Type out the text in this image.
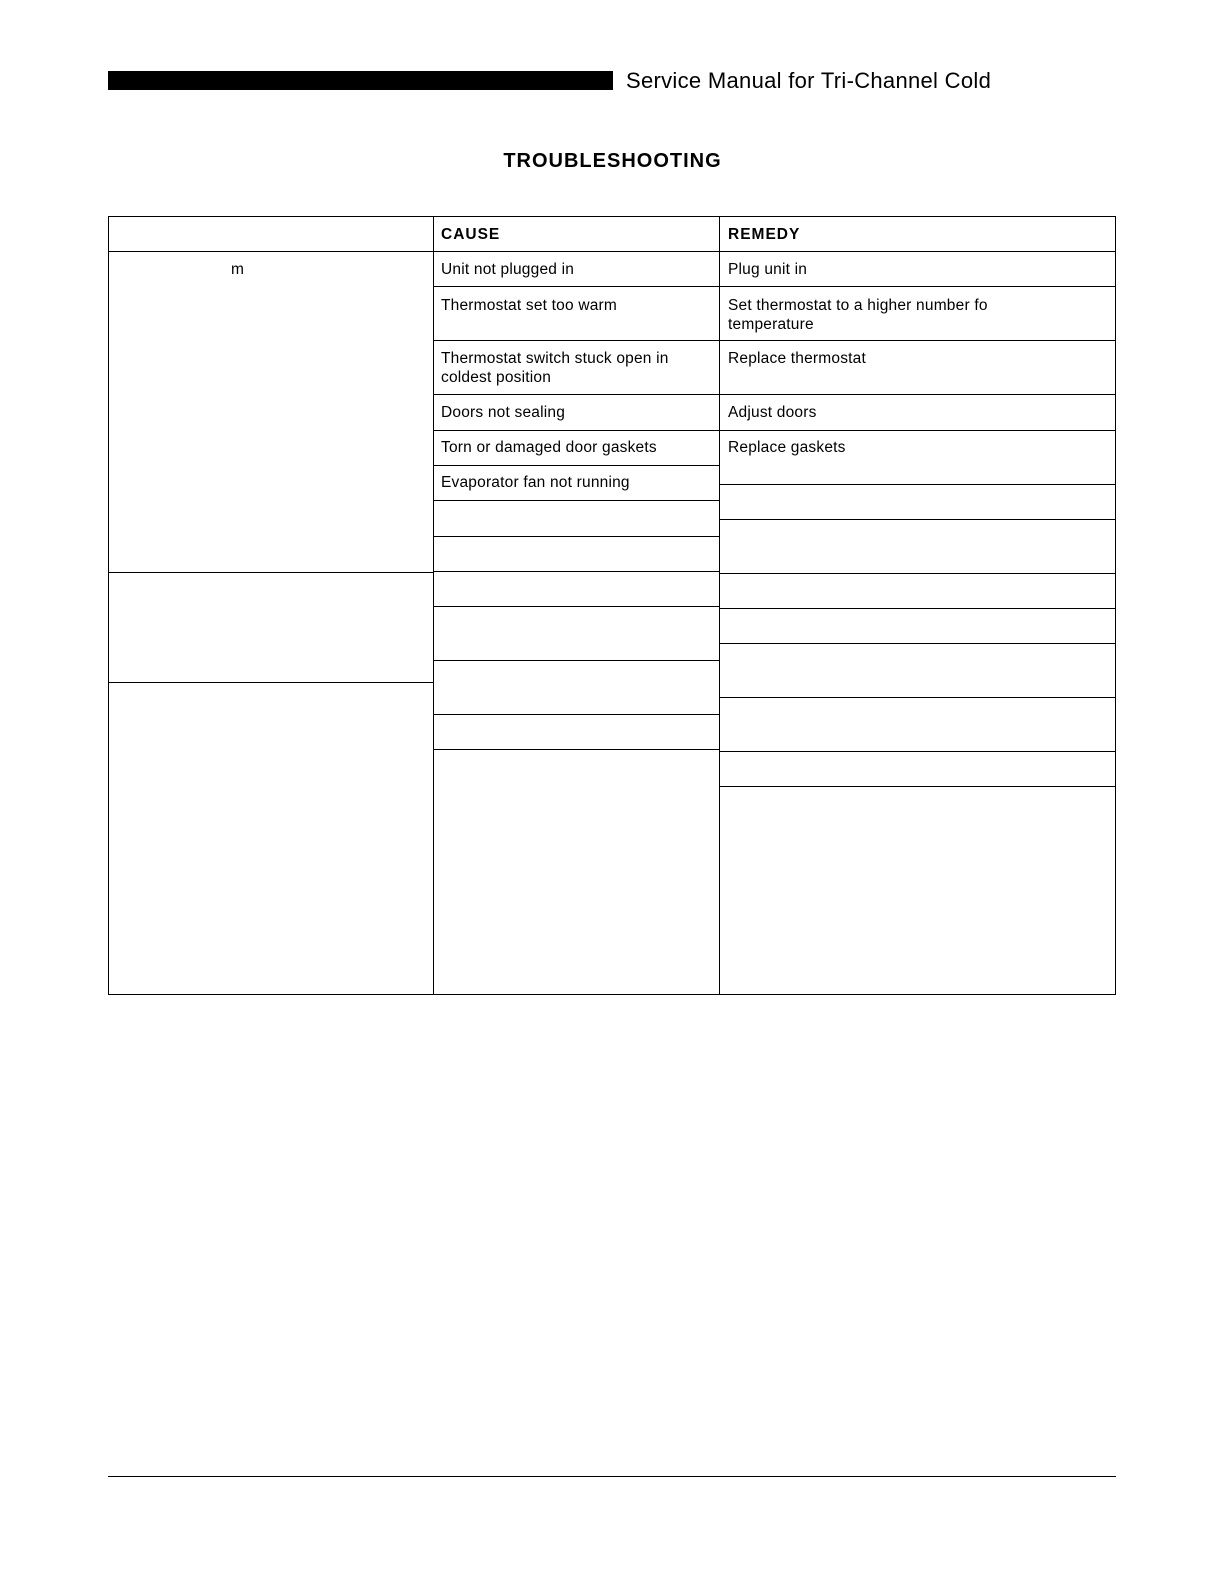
Service Manual for Tri-Channel Cold
TROUBLESHOOTING
CAUSE	REMEDY
m	Unit not plugged in
Thermostat set too warm
Thermostat switch stuck open in
coldest position
Doors not sealing
Torn or damaged door gaskets
Evaporator fan not running
Plug unit in
Set thermostat to a higher number fo
temperature
Replace thermostat
Adjust doors
Replace gaskets
